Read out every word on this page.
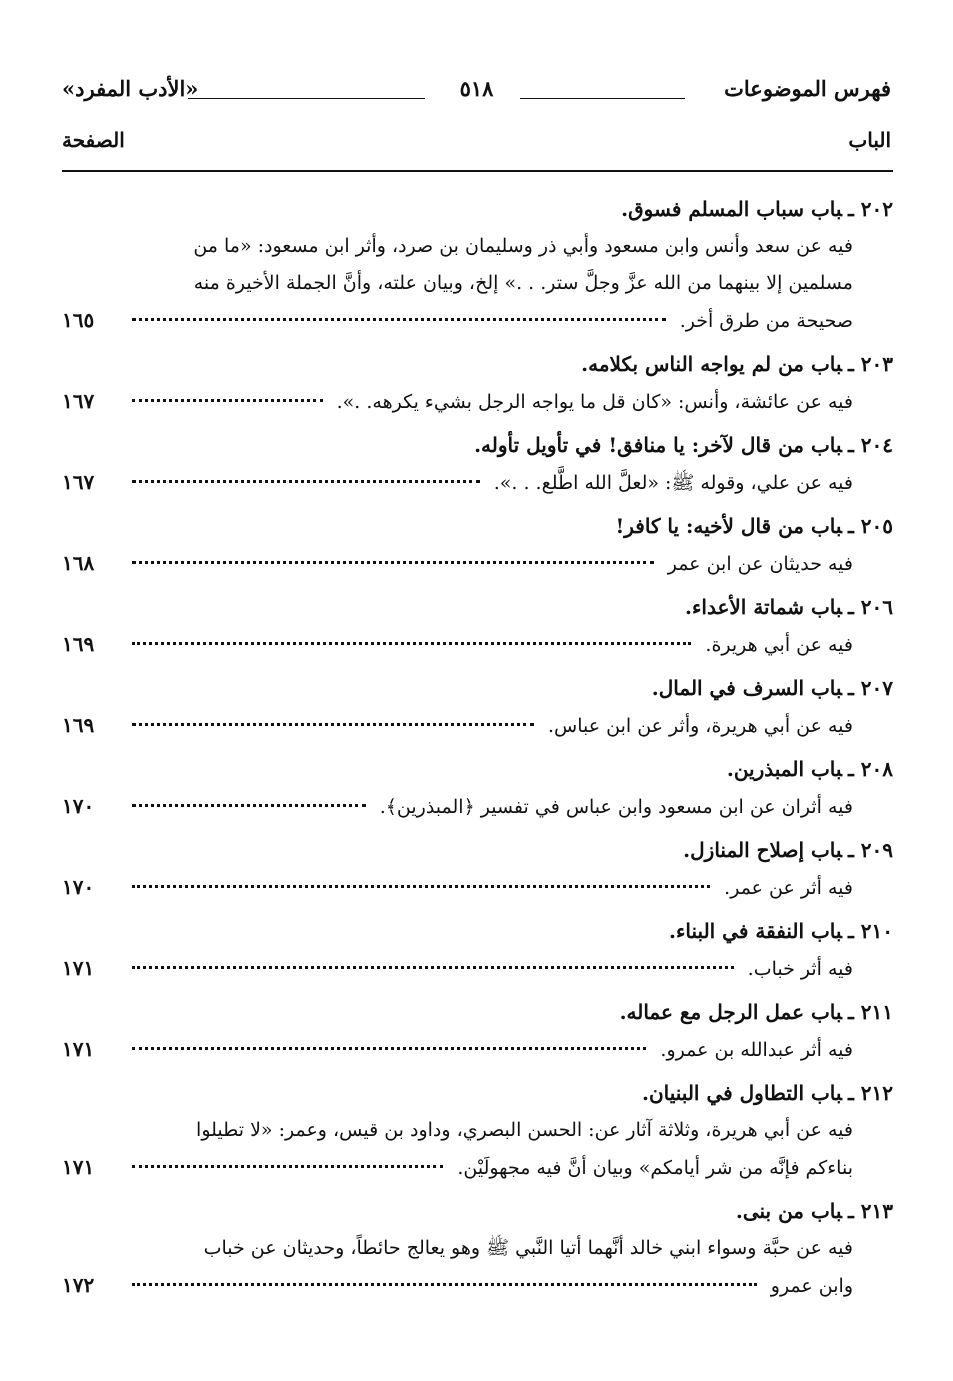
فهرس الموضوعات
٥١٨
«الأدب المفرد»
الباب
الصفحة
٢٠٢ ـباب سباب المسلم فسوق.

فيه عن سعد وأنس وابن مسعود وأبي ذر وسليمان بن صرد، وأثر ابن مسعود: «ما من

مسلمين إلا بينهما من الله عزَّ وجلَّ ستر. . .» إلخ، وبيان علته، وأنَّ الجملة الأخيرة منه

صحيحة من طرق أخر.
١٦٥
٢٠٣ ـباب من لم يواجه الناس بكلامه.
فيه عن عائشة، وأنس: «كان قل ما يواجه الرجل بشيء يكرهه. .».
١٦٧
٢٠٤ ـباب من قال لآخر: يا منافق! في تأويل تأوله.
فيه عن علي، وقوله ﷺ: «لعلَّ الله اطَّلع. . .».
١٦٧
٢٠٥ ـباب من قال لأخيه: يا كافر!
فيه حديثان عن ابن عمر
١٦٨
٢٠٦ ـباب شماتة الأعداء.
فيه عن أبي هريرة.
١٦٩
٢٠٧ ـباب السرف في المال.
فيه عن أبي هريرة، وأثر عن ابن عباس.
١٦٩
٢٠٨ ـباب المبذرين.
فيه أثران عن ابن مسعود وابن عباس في تفسير ﴿المبذرين﴾.
١٧٠
٢٠٩ ـباب إصلاح المنازل.
فيه أثر عن عمر.
١٧٠
٢١٠ ـباب النفقة في البناء.
فيه أثر خباب.
١٧١
٢١١ ـباب عمل الرجل مع عماله.
فيه أثر عبدالله بن عمرو.
١٧١
٢١٢ ـباب التطاول في البنيان.

فيه عن أبي هريرة، وثلاثة آثار عن: الحسن البصري، وداود بن قيس، وعمر: «لا تطيلوا

بناءكم فإنَّه من شر أيامكم» وبيان أنَّ فيه مجهولَيْن.
١٧١
٢١٣ ـباب من بنى.

فيه عن حبَّة وسواء ابني خالد أنَّهما أتيا النَّبي ﷺ وهو يعالج حائطاً، وحديثان عن خباب

وابن عمرو
١٧٢
